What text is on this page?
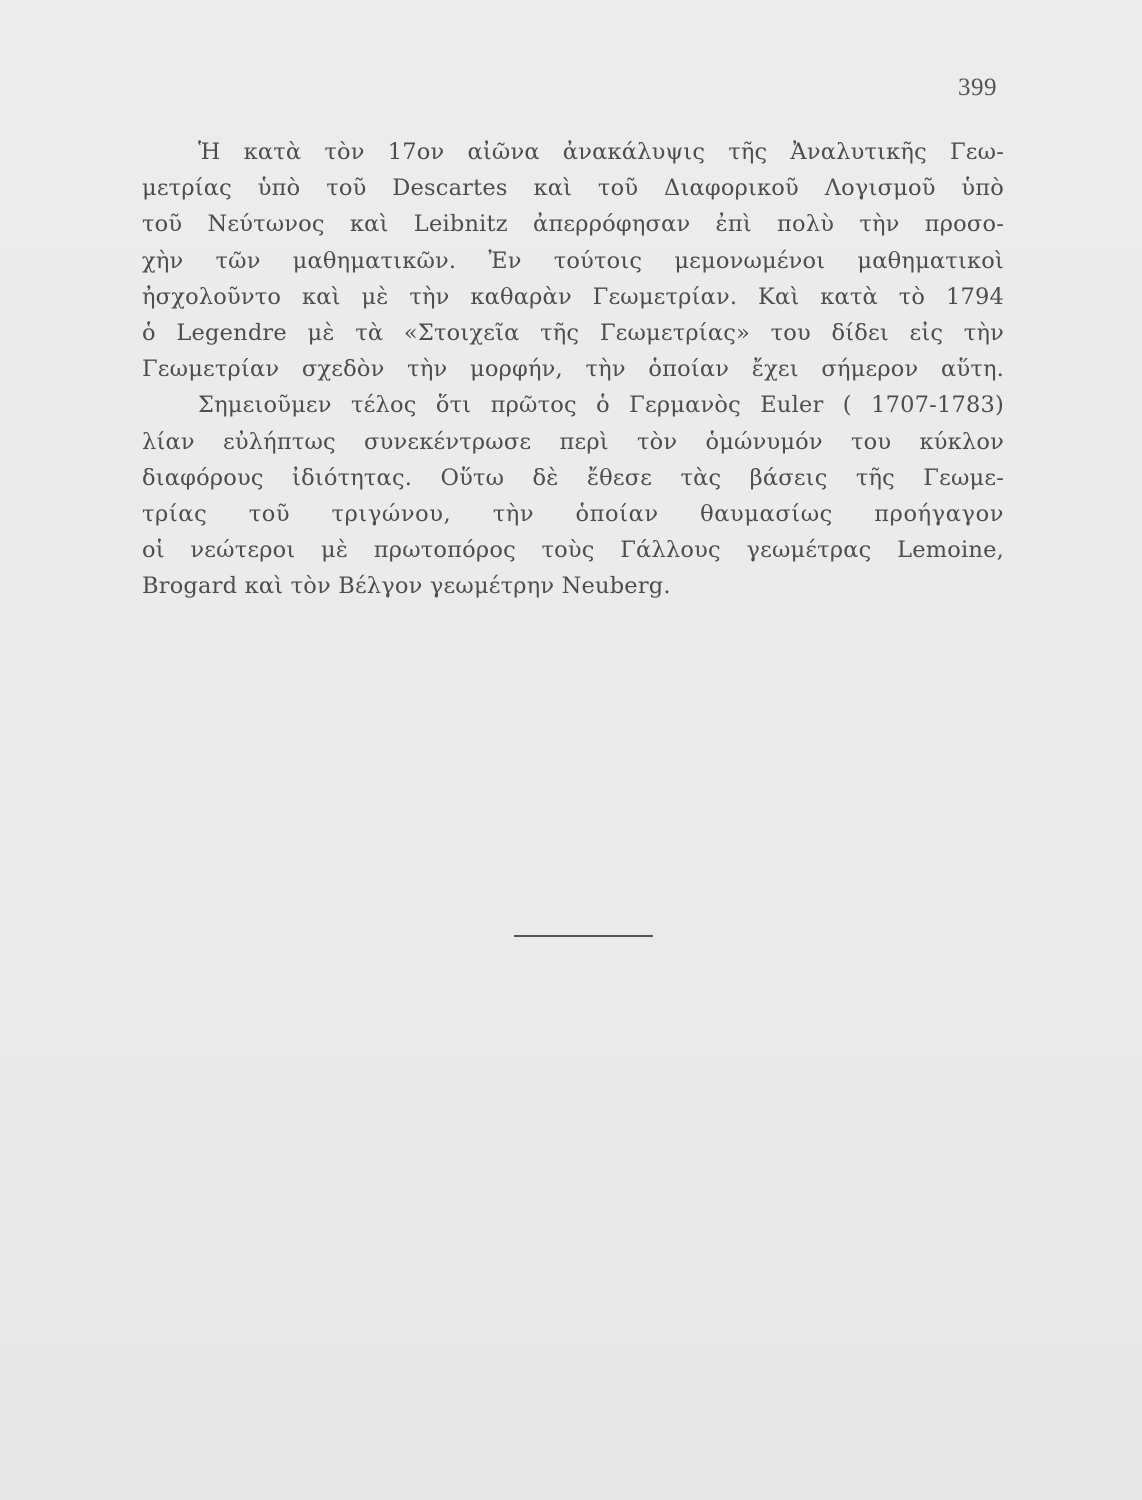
399
Ἡ κατὰ τὸν 17ον αἰῶνα ἀνακάλυψις τῆς Ἀναλυτικῆς Γεω-
μετρίας ὑπὸ τοῦ Descartes καὶ τοῦ Διαφορικοῦ Λογισμοῦ ὑπὸ
τοῦ Νεύτωνος καὶ Leibnitz ἀπερρόφησαν ἐπὶ πολὺ τὴν προσο-
χὴν τῶν μαθηματικῶν. Ἐν τούτοις μεμονωμένοι μαθηματικοὶ
ἠσχολοῦντο καὶ μὲ τὴν καθαρὰν Γεωμετρίαν. Καὶ κατὰ τὸ 1794
ὁ Legendre μὲ τὰ «Στοιχεῖα τῆς Γεωμετρίας» του δίδει εἰς τὴν
Γεωμετρίαν σχεδὸν τὴν μορφήν, τὴν ὁποίαν ἔχει σήμερον αὕτη.
Σημειοῦμεν τέλος ὅτι πρῶτος ὁ Γερμανὸς Euler ( 1707-1783)
λίαν εὐλήπτως συνεκέντρωσε περὶ τὸν ὁμώνυμόν του κύκλον
διαφόρους ἰδιότητας. Οὕτω δὲ ἔθεσε τὰς βάσεις τῆς Γεωμε-
τρίας τοῦ τριγώνου, τὴν ὁποίαν θαυμασίως προήγαγον
οἱ νεώτεροι μὲ πρωτοπόρος τοὺς Γάλλους γεωμέτρας Lemoine,
Brogard καὶ τὸν Βέλγον γεωμέτρην Neuberg.
